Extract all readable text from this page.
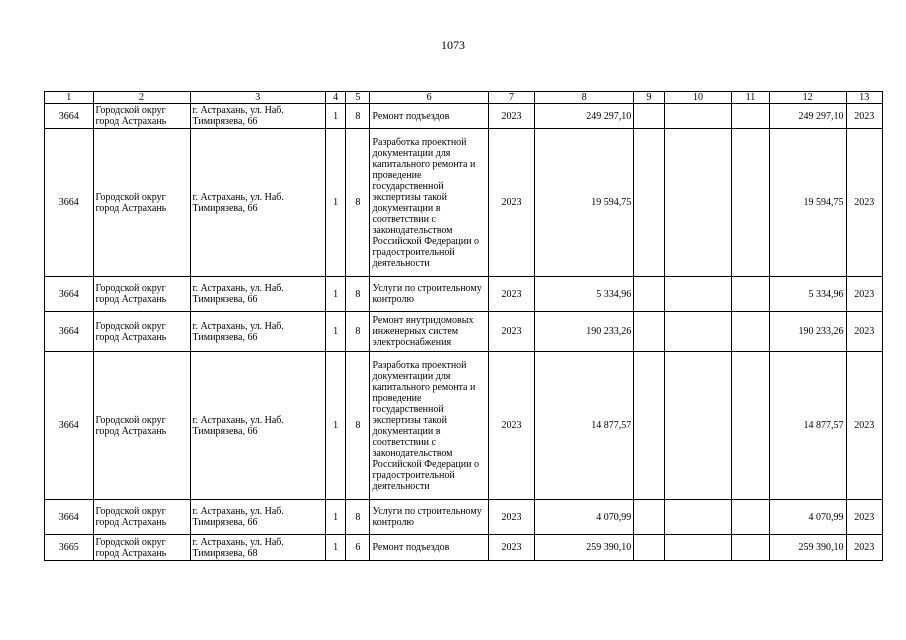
1073
1	2	3	4	5	6	7	8	9	10	11	12	13
3664	Городской округ город Астрахань	г. Астрахань, ул. Наб. Тимирязева, 66	1	8	Ремонт подъездов	2023	249 297,10				249 297,10	2023
3664	Городской округ город Астрахань	г. Астрахань, ул. Наб. Тимирязева, 66	1	8	Разработка проектной документации для капитального ремонта и проведение государственной экспертизы такой документации в соответствии с законодательством Российской Федерации о градостроительной деятельности	2023	19 594,75				19 594,75	2023
3664	Городской округ город Астрахань	г. Астрахань, ул. Наб. Тимирязева, 66	1	8	Услуги по строительному контролю	2023	5 334,96				5 334,96	2023
3664	Городской округ город Астрахань	г. Астрахань, ул. Наб. Тимирязева, 66	1	8	Ремонт внутридомовых инженерных систем электроснабжения	2023	190 233,26				190 233,26	2023
3664	Городской округ город Астрахань	г. Астрахань, ул. Наб. Тимирязева, 66	1	8	Разработка проектной документации для капитального ремонта и проведение государственной экспертизы такой документации в соответствии с законодательством Российской Федерации о градостроительной деятельности	2023	14 877,57				14 877,57	2023
3664	Городской округ город Астрахань	г. Астрахань, ул. Наб. Тимирязева, 66	1	8	Услуги по строительному контролю	2023	4 070,99				4 070,99	2023
3665	Городской округ город Астрахань	г. Астрахань, ул. Наб. Тимирязева, 68	1	6	Ремонт подъездов	2023	259 390,10				259 390,10	2023
